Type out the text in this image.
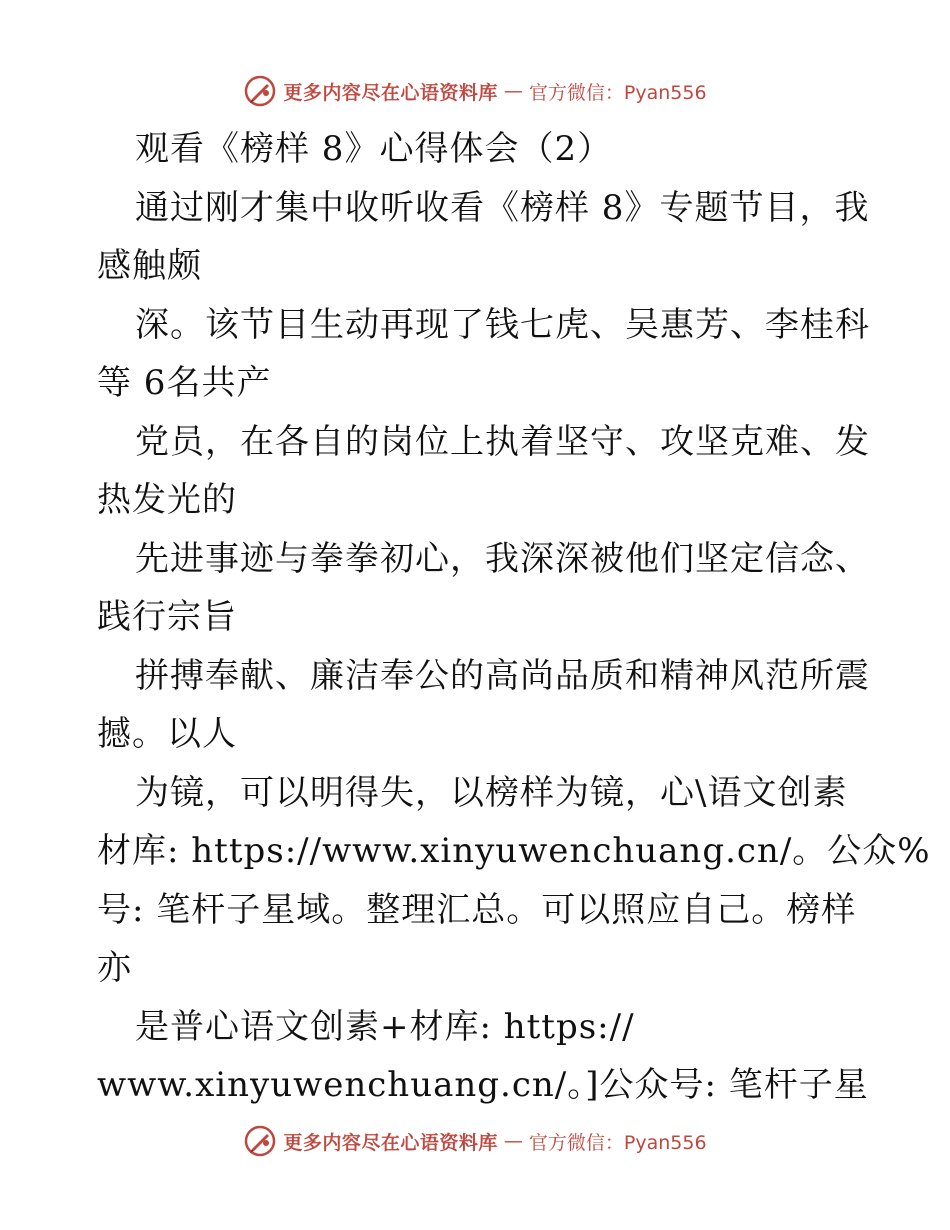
更多内容尽在心语资料库 — 官方微信：Pyan556
观看《榜样 8》心得体会（2）
通过刚才集中收听收看《榜样 8》专题节目，我
感触颇
深。该节目生动再现了钱七虎、吴惠芳、李桂科
等 6名共产
党员，在各自的岗位上执着坚守、攻坚克难、发
热发光的
先进事迹与拳拳初心，我深深被他们坚定信念、
践行宗旨
拼搏奉献、廉洁奉公的高尚品质和精神风范所震
撼。以人
为镜，可以明得失，以榜样为镜，心\语文创素
材库: https://www.xinyuwenchuang.cn/。公众%
号: 笔杆子星域。整理汇总。可以照应自己。榜样
亦
是普心语文创素+材库: https://
www.xinyuwenchuang.cn/。]公众号: 笔杆子星
更多内容尽在心语资料库 — 官方微信：Pyan556
